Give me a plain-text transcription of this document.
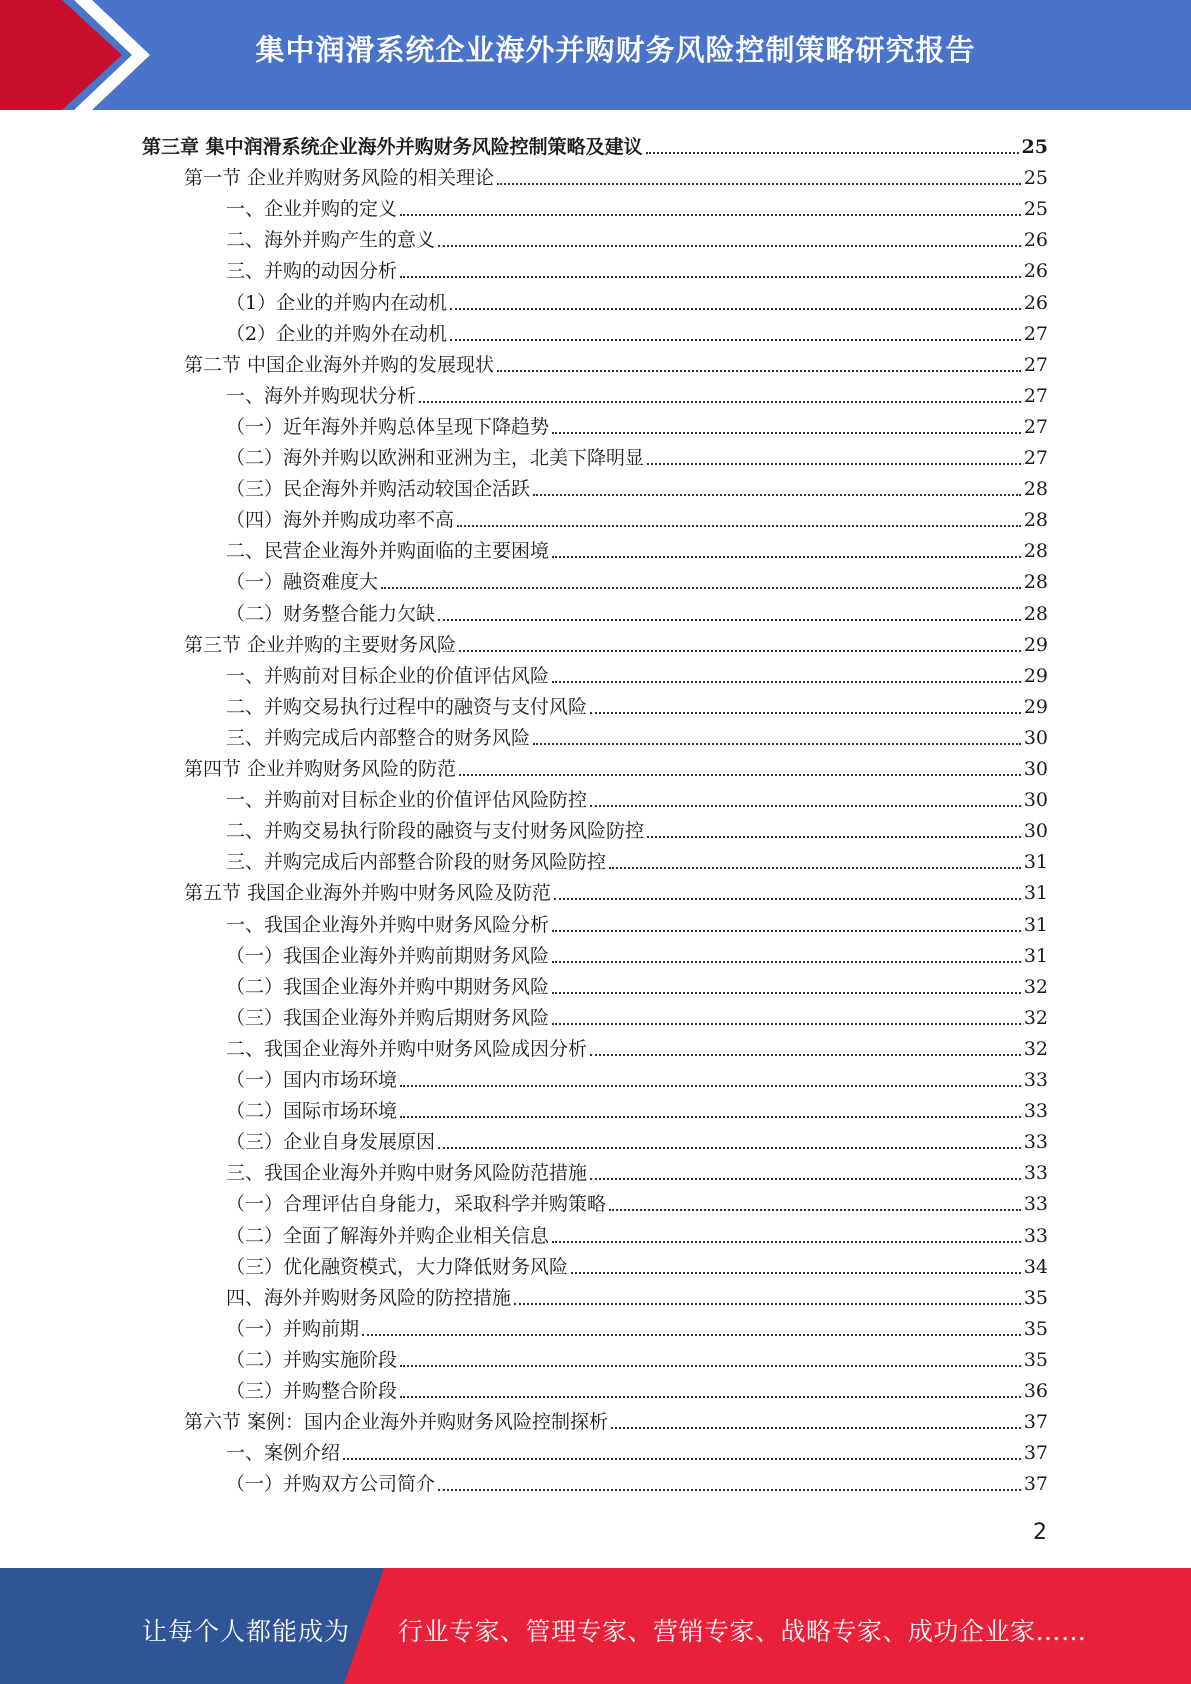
集中润滑系统企业海外并购财务风险控制策略研究报告
第三章 集中润滑系统企业海外并购财务风险控制策略及建议	25
第一节 企业并购财务风险的相关理论	25
一、企业并购的定义	25
二、海外并购产生的意义	26
三、并购的动因分析	26
（1）企业的并购内在动机	26
（2）企业的并购外在动机	27
第二节 中国企业海外并购的发展现状	27
一、海外并购现状分析	27
（一）近年海外并购总体呈现下降趋势	27
（二）海外并购以欧洲和亚洲为主，北美下降明显	27
（三）民企海外并购活动较国企活跃	28
（四）海外并购成功率不高	28
二、民营企业海外并购面临的主要困境	28
（一）融资难度大	28
（二）财务整合能力欠缺	28
第三节 企业并购的主要财务风险	29
一、并购前对目标企业的价值评估风险	29
二、并购交易执行过程中的融资与支付风险	29
三、并购完成后内部整合的财务风险	30
第四节 企业并购财务风险的防范	30
一、并购前对目标企业的价值评估风险防控	30
二、并购交易执行阶段的融资与支付财务风险防控	30
三、并购完成后内部整合阶段的财务风险防控	31
第五节 我国企业海外并购中财务风险及防范	31
一、我国企业海外并购中财务风险分析	31
（一）我国企业海外并购前期财务风险	31
（二）我国企业海外并购中期财务风险	32
（三）我国企业海外并购后期财务风险	32
二、我国企业海外并购中财务风险成因分析	32
（一）国内市场环境	33
（二）国际市场环境	33
（三）企业自身发展原因	33
三、我国企业海外并购中财务风险防范措施	33
（一）合理评估自身能力，采取科学并购策略	33
（二）全面了解海外并购企业相关信息	33
（三）优化融资模式，大力降低财务风险	34
四、海外并购财务风险的防控措施	35
（一）并购前期	35
（二）并购实施阶段	35
（三）并购整合阶段	36
第六节 案例：国内企业海外并购财务风险控制探析	37
一、案例介绍	37
（一）并购双方公司简介	37
2
让每个人都能成为 行业专家、管理专家、营销专家、战略专家、成功企业家……
